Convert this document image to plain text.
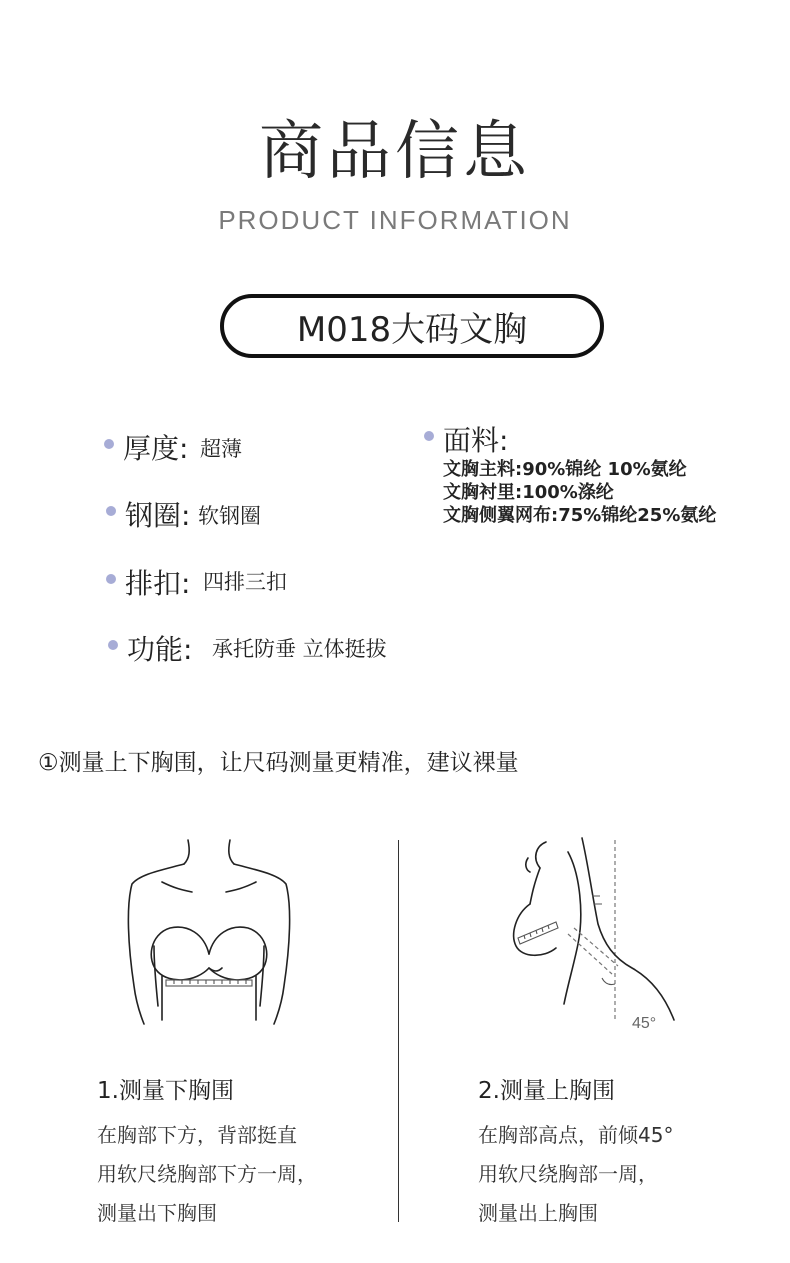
商品信息
PRODUCT INFORMATION
M018大码文胸
厚度: 超薄
钢圈: 软钢圈
排扣: 四排三扣
功能: 承托防垂 立体挺拔
面料:
文胸主料:90%锦纶 10%氨纶
文胸衬里:100%涤纶
文胸侧翼网布:75%锦纶25%氨纶
①测量上下胸围，让尺码测量更精准，建议裸量
45°
1.测量下胸围
在胸部下方，背部挺直
用软尺绕胸部下方一周，
测量出下胸围
2.测量上胸围
在胸部高点，前倾45°
用软尺绕胸部一周，
测量出上胸围
